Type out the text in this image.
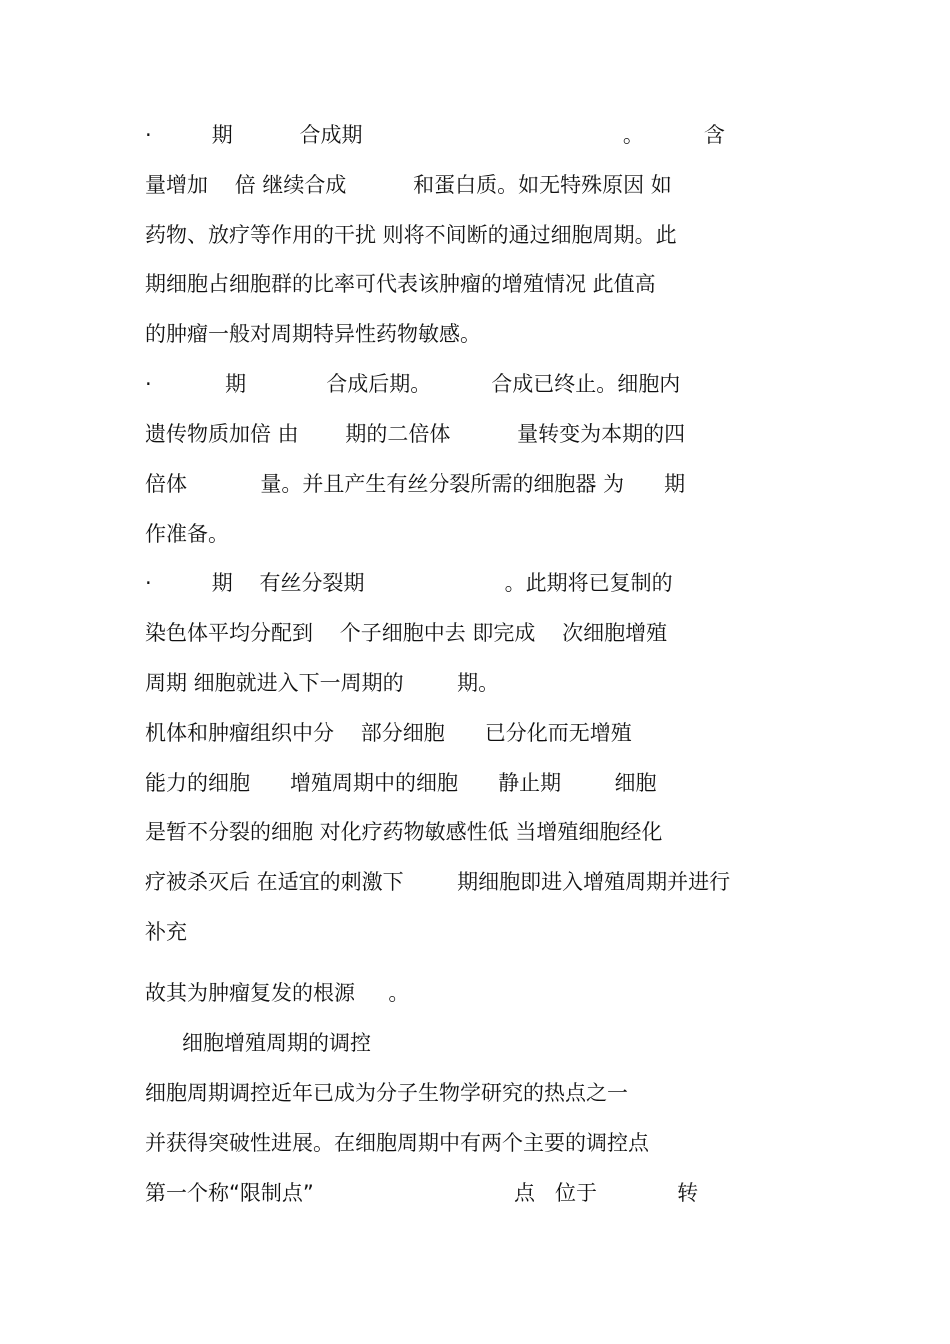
·         期          合成期                                       。         含
量增加    倍 继续合成          和蛋白质。如无特殊原因 如
药物、放疗等作用的干扰 则将不间断的通过细胞周期。此
期细胞占细胞群的比率可代表该肿瘤的增殖情况 此值高
的肿瘤一般对周期特异性药物敏感。
·           期            合成后期。         合成已终止。细胞内
遗传物质加倍 由       期的二倍体          量转变为本期的四
倍体           量。并且产生有丝分裂所需的细胞器 为      期
作准备。
·         期    有丝分裂期                     。此期将已复制的
染色体平均分配到    个子细胞中去 即完成    次细胞增殖
周期 细胞就进入下一周期的        期。
机体和肿瘤组织中分    部分细胞      已分化而无增殖
能力的细胞      增殖周期中的细胞      静止期        细胞
是暂不分裂的细胞 对化疗药物敏感性低 当增殖细胞经化
疗被杀灭后 在适宜的刺激下        期细胞即进入增殖周期并进行
补充
故其为肿瘤复发的根源     。
细胞增殖周期的调控
细胞周期调控近年已成为分子生物学研究的热点之一
并获得突破性进展。在细胞周期中有两个主要的调控点
第一个称“限制点”                              点   位于            转
